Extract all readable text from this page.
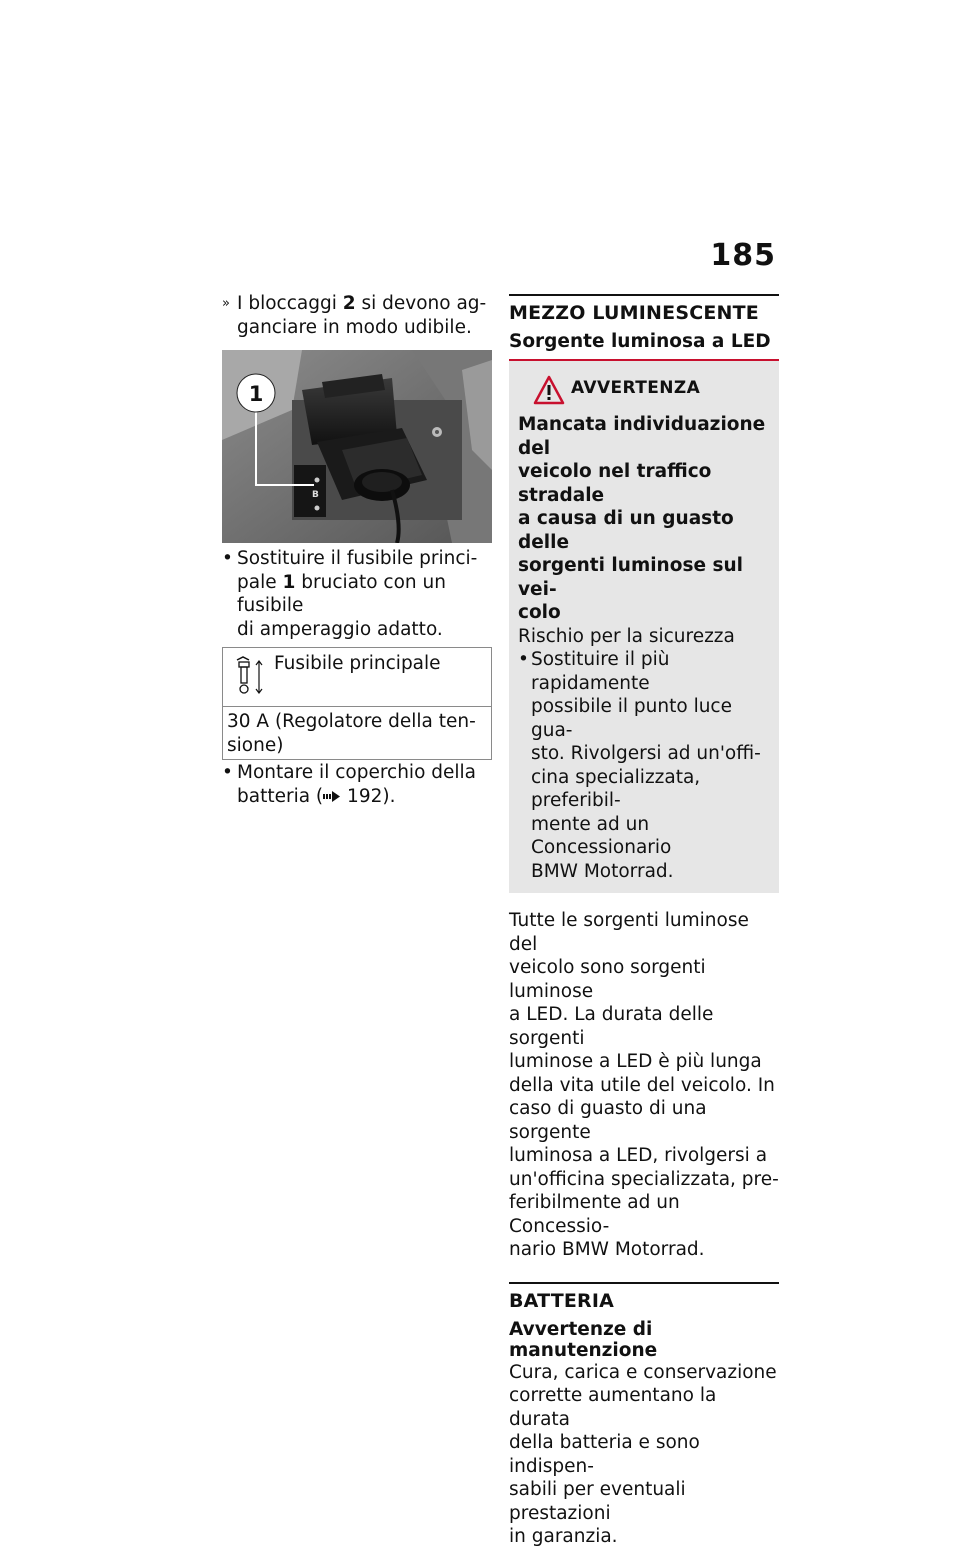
185

» I bloccaggi 2 si devono ag-
ganciare in modo udibile.

B
1

• Sostituire il fusibile princi-
pale 1 bruciato con un fusibile
di amperaggio adatto.

Fusibile principale
30 A (Regolatore della ten-
sione)

• Montare il coperchio della
batteria ( 192).

MEZZO LUMINESCENTE
Sorgente luminosa a LED
AVVERTENZA
Mancata individuazione del
veicolo nel traffico stradale
a causa di un guasto delle
sorgenti luminose sul vei-
colo
Rischio per la sicurezza

• Sostituire il più rapidamente
possibile il punto luce gua-
sto. Rivolgersi ad un'offi-
cina specializzata, preferibil-
mente ad un Concessionario
BMW Motorrad.

Tutte le sorgenti luminose del
veicolo sono sorgenti luminose
a LED. La durata delle sorgenti
luminose a LED è più lunga
della vita utile del veicolo. In
caso di guasto di una sorgente
luminosa a LED, rivolgersi a
un'officina specializzata, pre-
feribilmente ad un Concessio-
nario BMW Motorrad.
BATTERIA
Avvertenze di manutenzione
Cura, carica e conservazione
corrette aumentano la durata
della batteria e sono indispen-
sabili per eventuali prestazioni
in garanzia.
